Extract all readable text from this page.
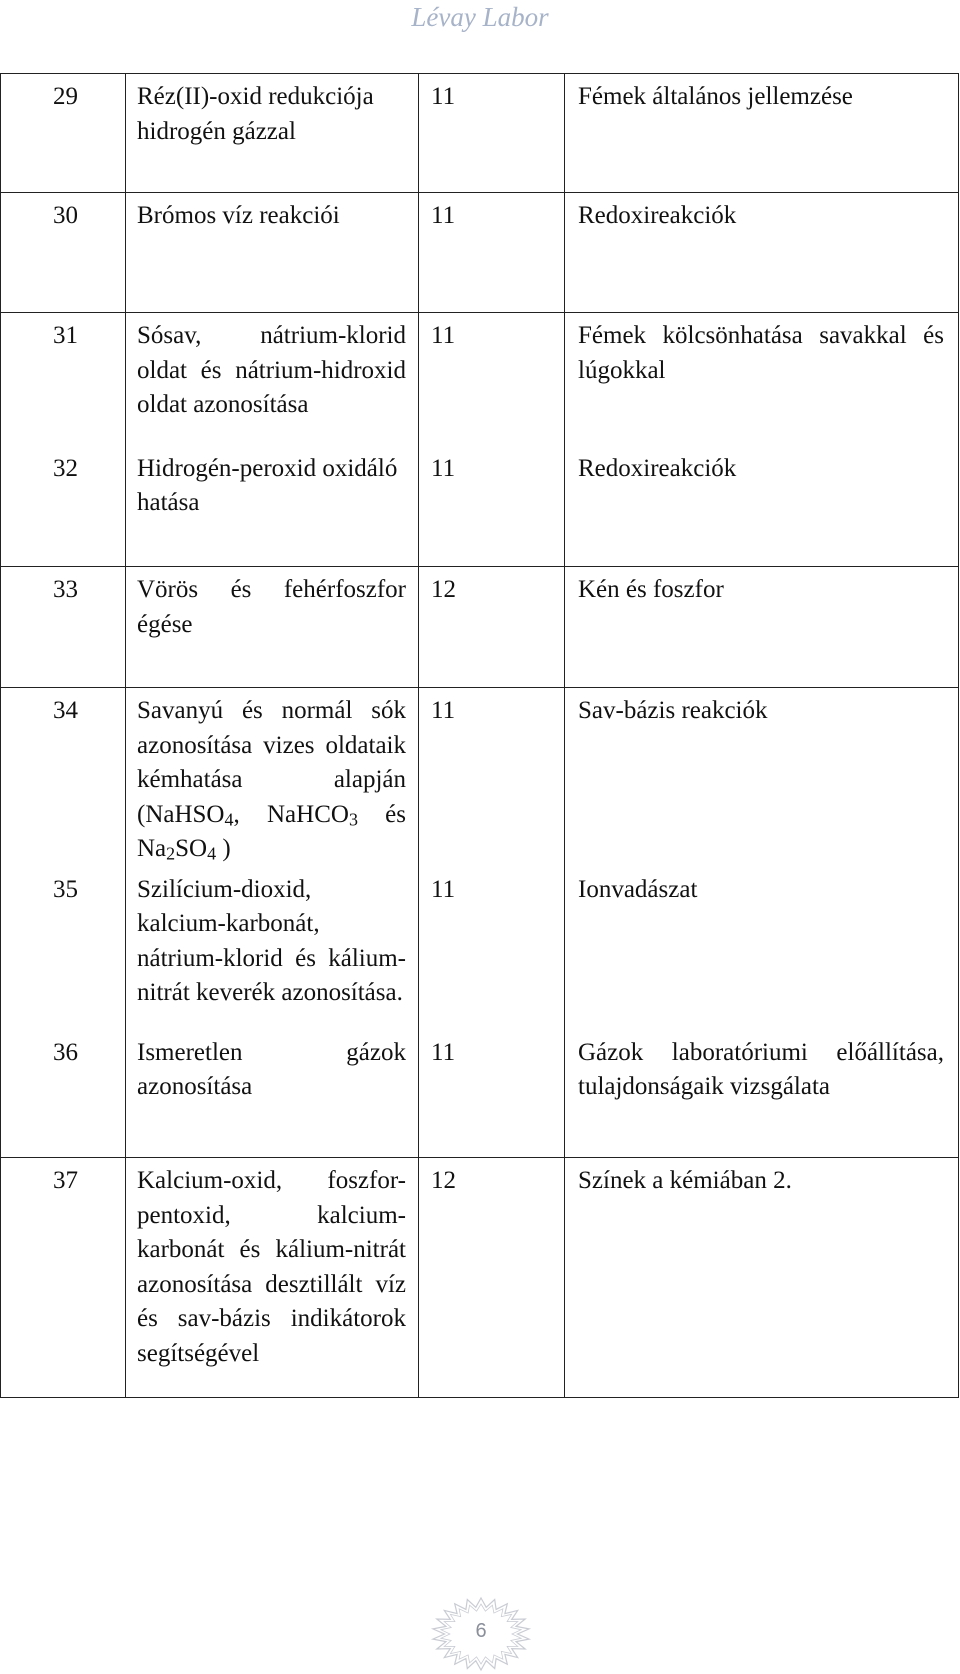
Lévay Labor
29	Réz(II)-oxid redukciója hidrogén gázzal	11	Fémek általános jellemzése
30	Brómos víz reakciói	11	Redoxireakciók
31	Sósav, nátrium-klorid oldat és nátrium-hidroxid oldat azonosítása	11	Fémek kölcsönhatása savakkal és lúgokkal
32	Hidrogén-peroxid oxidáló hatása	11	Redoxireakciók
33	Vörös és fehérfoszfor égése	12	Kén és foszfor
34	Savanyú és normál sók azonosítása vizes oldataik kémhatása alapján (NaHSO$_4$, NaHCO$_3$ és $Na_2SO_4$ )	11	Sav-bázis reakciók
35	Szilícium-dioxid, kalcium-karbonát, nátrium-klorid és kálium-nitrát keverék azonosítása.	11	Ionvadászat
36	Ismeretlen gázok azonosítása	11	Gázok laboratóriumi előállítása, tulajdonságaik vizsgálata
37	Kalcium-oxid, foszfor-pentoxid, kalcium-karbonát és kálium-nitrát azonosítása desztillált víz és sav-bázis indikátorok segítségével	12	Színek a kémiában 2.
6
